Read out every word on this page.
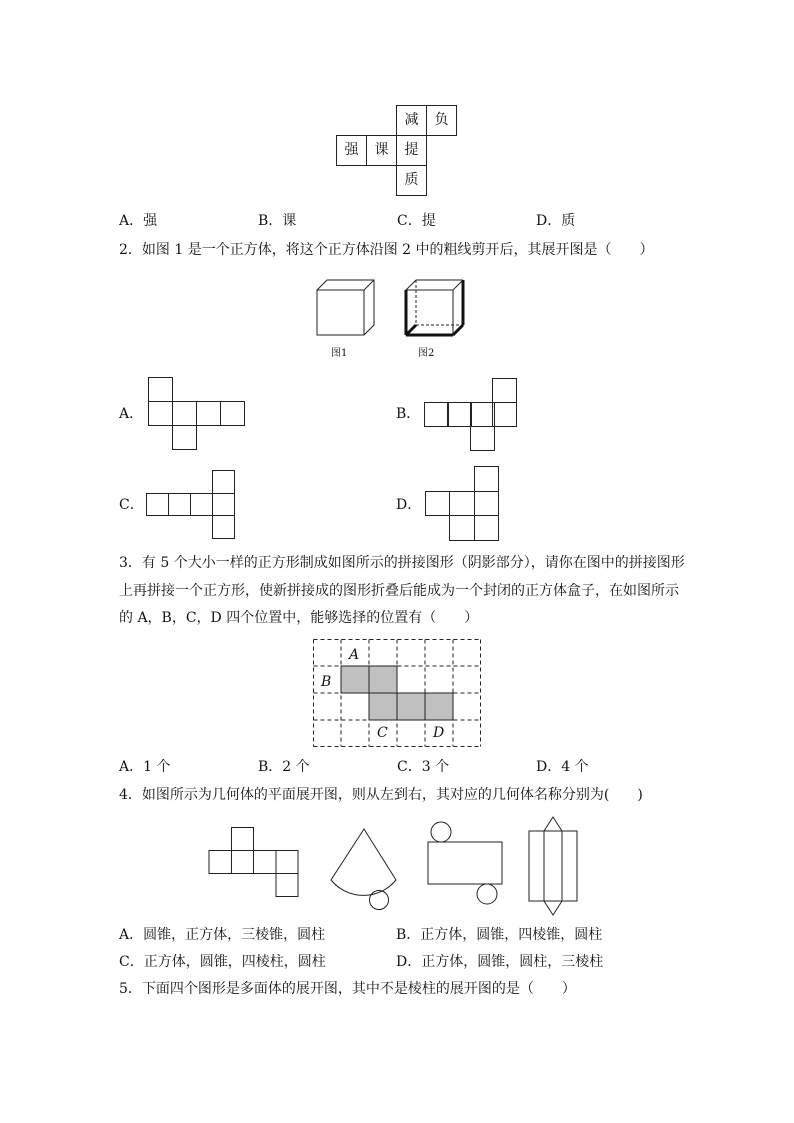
减	负
强	课	提
质
A．强	B．课	C．提	D．质
2．如图 1 是一个正方体，将这个正方体沿图 2 中的粗线剪开后，其展开图是（　　）
图1	图2
A．	B．
C．	D．
3．有 5 个大小一样的正方形制成如图所示的拼接图形（阴影部分），请你在图中的拼接图形
上再拼接一个正方形，使新拼接成的图形折叠后能成为一个封闭的正方体盒子，在如图所示
的 A，B，C，D 四个位置中，能够选择的位置有（　　）
A
B
C	D
A．1 个	B．2 个	C．3 个	D．4 个
4．如图所示为几何体的平面展开图，则从左到右，其对应的几何体名称分别为(　　)
A．圆锥，正方体，三棱锥，圆柱	B．正方体，圆锥，四棱锥，圆柱
C．正方体，圆锥，四棱柱，圆柱	D．正方体，圆锥，圆柱，三棱柱
5．下面四个图形是多面体的展开图，其中不是棱柱的展开图的是（　　）
